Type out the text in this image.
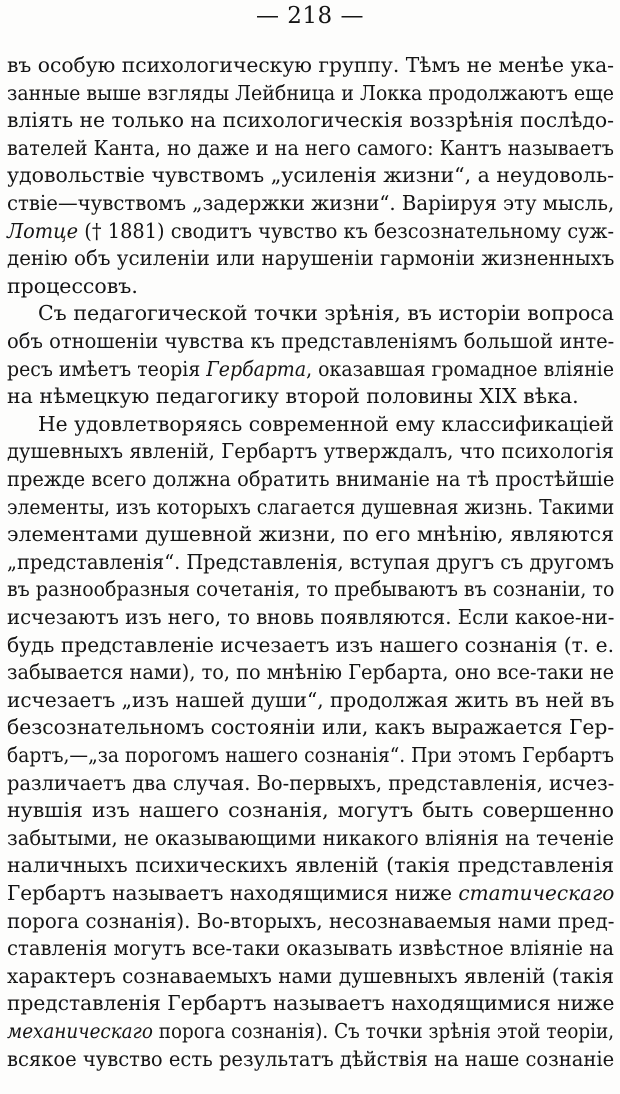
— 218 —
въ особую психологическую группу. Тѣмъ не менѣе ука-
занные выше взгляды Лейбница и Локка продолжаютъ еще
вліять не только на психологическія воззрѣнія послѣдо-
вателей Канта, но даже и на него самого: Кантъ называетъ
удовольствіе чувствомъ „усиленія жизни“, а неудоволь-
ствіе—чувствомъ „задержки жизни“. Варіируя эту мысль,
Лотце († 1881) сводитъ чувство къ безсознательному суж-
денію объ усиленіи или нарушеніи гармоніи жизненныхъ
процессовъ.
Съ педагогической точки зрѣнія, въ исторіи вопроса
объ отношеніи чувства къ представленіямъ большой инте-
ресъ имѣетъ теорія Гербарта, оказавшая громадное вліяніе
на нѣмецкую педагогику второй половины XIX вѣка.
Не удовлетворяясь современной ему классификаціей
душевныхъ явленій, Гербартъ утверждалъ, что психологія
прежде всего должна обратить вниманіе на тѣ простѣйшіе
элементы, изъ которыхъ слагается душевная жизнь. Такими
элементами душевной жизни, по его мнѣнію, являются
„представленія“. Представленія, вступая другъ съ другомъ
въ разнообразныя сочетанія, то пребываютъ въ сознаніи, то
исчезаютъ изъ него, то вновь появляются. Если какое-ни-
будь представленіе исчезаетъ изъ нашего сознанія (т. е.
забывается нами), то, по мнѣнію Гербарта, оно все-таки не
исчезаетъ „изъ нашей души“, продолжая жить въ ней въ
безсознательномъ состояніи или, какъ выражается Гер-
бартъ,—„за порогомъ нашего сознанія“. При этомъ Гербартъ
различаетъ два случая. Во-первыхъ, представленія, исчез-
нувшія изъ нашего сознанія, могутъ быть совершенно
забытыми, не оказывающими никакого вліянія на теченіе
наличныхъ психическихъ явленій (такія представленія
Гербартъ называетъ находящимися ниже статическаго
порога сознанія). Во-вторыхъ, несознаваемыя нами пред-
ставленія могутъ все-таки оказывать извѣстное вліяніе на
характеръ сознаваемыхъ нами душевныхъ явленій (такія
представленія Гербартъ называетъ находящимися ниже
механическаго порога сознанія). Съ точки зрѣнія этой теоріи,
всякое чувство есть результатъ дѣйствія на наше сознаніе
